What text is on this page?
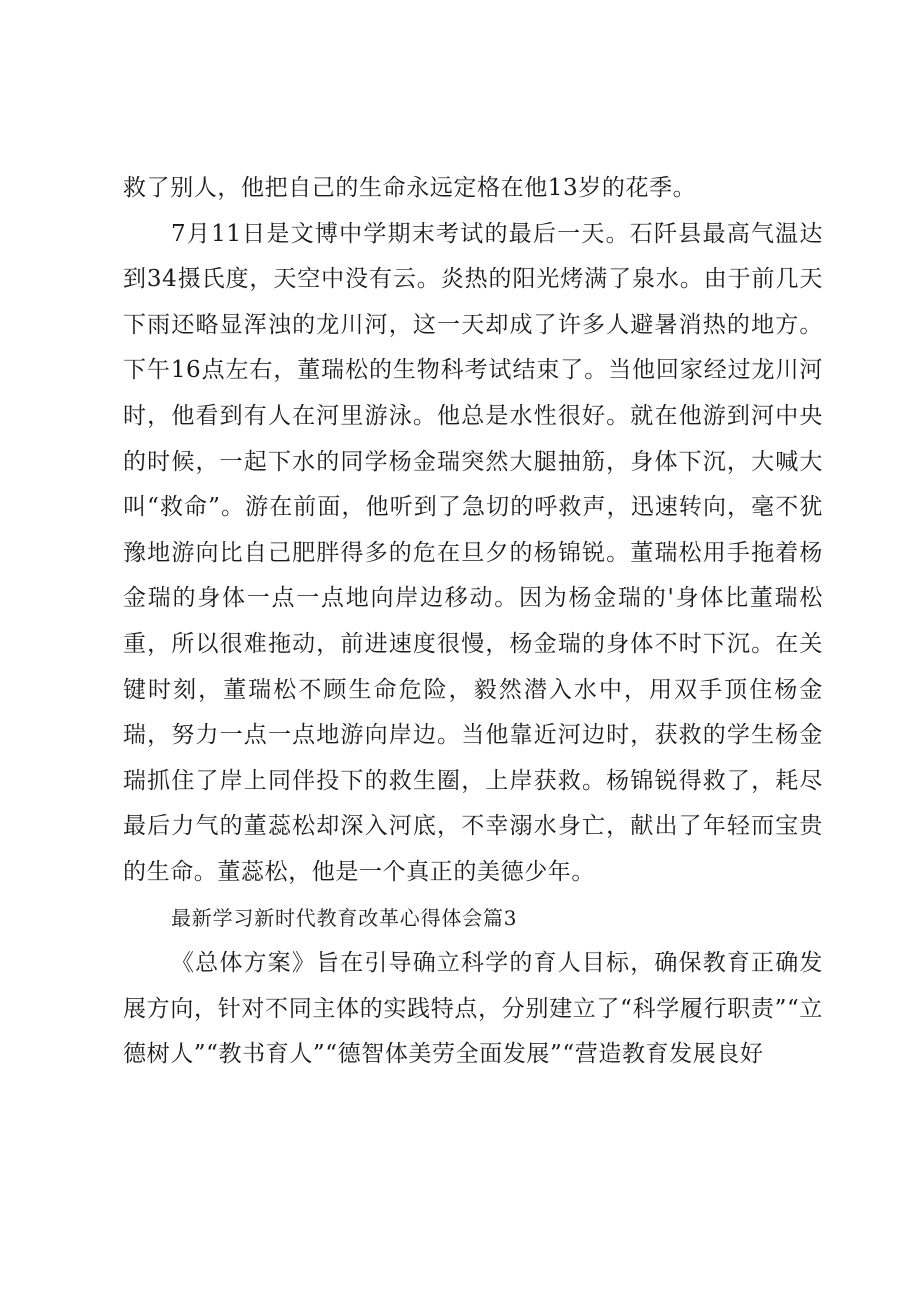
救了别人，他把自己的生命永远定格在他13岁的花季。

7月11日是文博中学期末考试的最后一天。石阡县最高气温达到34摄氏度，天空中没有云。炎热的阳光烤满了泉水。由于前几天下雨还略显浑浊的龙川河，这一天却成了许多人避暑消热的地方。下午16点左右，董瑞松的生物科考试结束了。当他回家经过龙川河时，他看到有人在河里游泳。他总是水性很好。就在他游到河中央的时候，一起下水的同学杨金瑞突然大腿抽筋，身体下沉，大喊大叫“救命”。游在前面，他听到了急切的呼救声，迅速转向，毫不犹豫地游向比自己肥胖得多的危在旦夕的杨锦锐。董瑞松用手拖着杨金瑞的身体一点一点地向岸边移动。因为杨金瑞的'身体比董瑞松重，所以很难拖动，前进速度很慢，杨金瑞的身体不时下沉。在关键时刻，董瑞松不顾生命危险，毅然潜入水中，用双手顶住杨金瑞，努力一点一点地游向岸边。当他靠近河边时，获救的学生杨金瑞抓住了岸上同伴投下的救生圈，上岸获救。杨锦锐得救了，耗尽最后力气的董蕊松却深入河底，不幸溺水身亡，献出了年轻而宝贵的生命。董蕊松，他是一个真正的美德少年。

最新学习新时代教育改革心得体会篇3

《总体方案》旨在引导确立科学的育人目标，确保教育正确发展方向，针对不同主体的实践特点，分别建立了“科学履行职责”“立德树人”“教书育人”“德智体美劳全面发展”“营造教育发展良好
